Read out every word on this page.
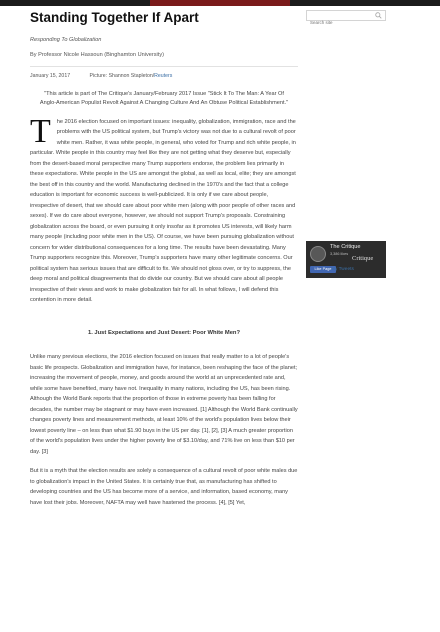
Standing Together If Apart
Responding To Globalization
By Professor Nicole Hassoun (Binghamton University)
January 15, 2017	Picture: Shannon Stapleton/Reuters
"This article is part of The Critique's January/February 2017 Issue "Stick It To The Man: A Year Of Anglo-American Populist Revolt Against A Changing Culture And An Obtuse Political Establishment."

T he 2016 election focused on important issues: inequality, globalization, immigration, race and the problems with the US political system, but Trump's victory was not due to a cultural revolt of poor white men. Rather, it was white people, in general, who voted for Trump and rich white people, in particular. White people in this country may feel like they are not getting what they deserve but, especially from the desert-based moral perspective many Trump supporters endorse, the problem lies primarily in these expectations. White people in the US are amongst the global, as well as local, elite; they are amongst the best off in this country and the world. Manufacturing declined in the 1970's and the fact that a college education is important for economic success is well-publicized. It is only if we care about people, irrespective of desert, that we should care about poor white men (along with poor people of other races and sexes). If we do care about everyone, however, we should not support Trump's proposals. Constraining globalization across the board, or even pursuing it only insofar as it promotes US interests, will likely harm many people (including poor white men in the US). Of course, we have been pursuing globalization without concern for wider distributional consequences for a long time. The results have been devastating. Many Trump supporters recognize this. Moreover, Trump's supporters have many other legitimate concerns. Our political system has serious issues that are difficult to fix. We should not gloss over, or try to suppress, the deep moral and political disagreements that do divide our country. But we should care about all people irrespective of their views and work to make globalization fair for all. In what follows, I will defend this contention in more detail.

1. Just Expectations and Just Desert: Poor White Men?

Unlike many previous elections, the 2016 election focused on issues that really matter to a lot of people's basic life prospects. Globalization and immigration have, for instance, been reshaping the face of the planet; increasing the movement of people, money, and goods around the world at an unprecedented rate and, while some have benefited, many have not. Inequality in many nations, including the US, has been rising. Although the World Bank reports that the proportion of those in extreme poverty has been falling for decades, the number may be stagnant or may have even increased. [1] Although the World Bank continually changes poverty lines and measurement methods, at least 10% of the world's population lives below their lowest poverty line – on less than what $1.90 buys in the US per day. [1], [2], [3] A much greater proportion of the world's population lives under the higher poverty line of $3.10/day, and 71% live on less than $10 per day. [3]

But it is a myth that the election results are solely a consequence of a cultural revolt of poor white males due to globalization's impact in the United States. It is certainly true that, as manufacturing has shifted to developing countries and the US has become more of a service, and information, based economy, many have lost their jobs. Moreover, NAFTA may well have hastened the process. [4], [5] Yet,

Search site
The Critique
3,386 likes
Critique
Like Page My Tweets
